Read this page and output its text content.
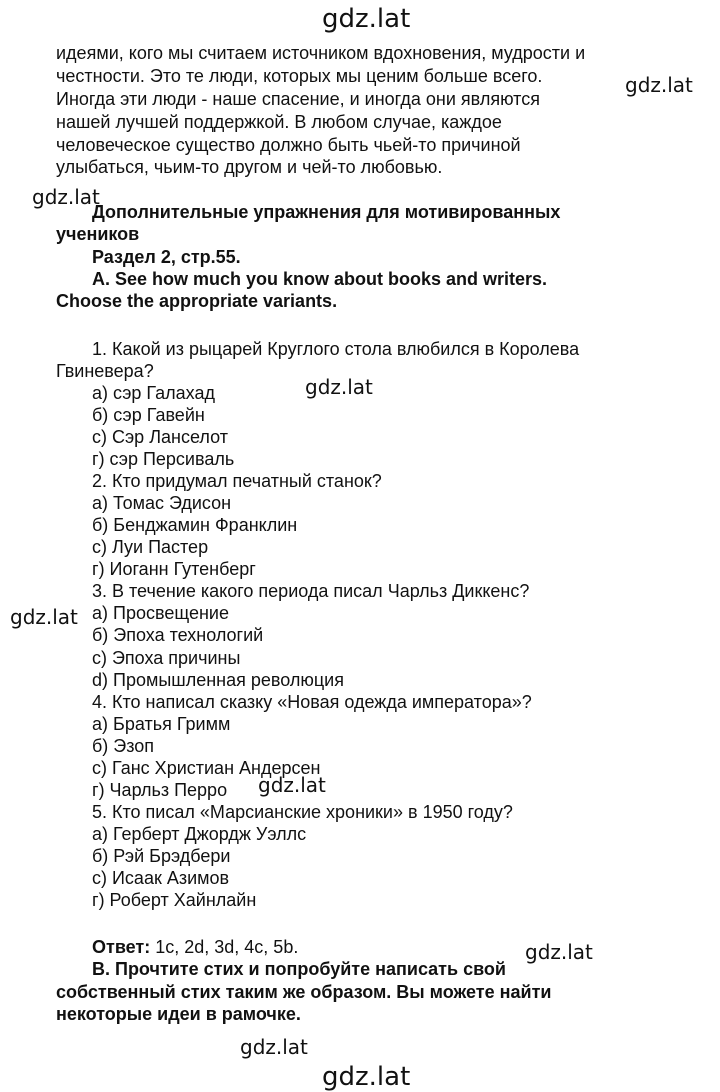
gdz.lat
gdz.lat
gdz.lat
gdz.lat
gdz.lat
gdz.lat
gdz.lat
gdz.lat
gdz.lat
идеями, кого мы считаем источником вдохновения, мудрости и
честности. Это те люди, которых мы ценим больше всего.
Иногда эти люди - наше спасение, и иногда они являются
нашей лучшей поддержкой. В любом случае, каждое
человеческое существо должно быть чьей-то причиной
улыбаться, чьим-то другом и чей-то любовью.
Дополнительные упражнения для мотивированных
учеников
Раздел 2, стр.55.
A. See how much you know about books and writers.
Choose the appropriate variants.
1. Какой из рыцарей Круглого стола влюбился в Королева
Гвиневера?
а) сэр Галахад
б) сэр Гавейн
с) Сэр Ланселот
г) сэр Персиваль
2. Кто придумал печатный станок?
а) Томас Эдисон
б) Бенджамин Франклин
с) Луи Пастер
г) Иоганн Гутенберг
3. В течение какого периода писал Чарльз Диккенс?
а) Просвещение
б) Эпоха технологий
с) Эпоха причины
d) Промышленная революция
4. Кто написал сказку «Новая одежда императора»?
а) Братья Гримм
б) Эзоп
с) Ганс Христиан Андерсен
г) Чарльз Перро
5. Кто писал «Марсианские хроники» в 1950 году?
а) Герберт Джордж Уэллс
б) Рэй Брэдбери
с) Исаак Азимов
г) Роберт Хайнлайн
Ответ: 1c, 2d, 3d, 4c, 5b.
B. Прочтите стих и попробуйте написать свой
собственный стих таким же образом. Вы можете найти
некоторые идеи в рамочке.
